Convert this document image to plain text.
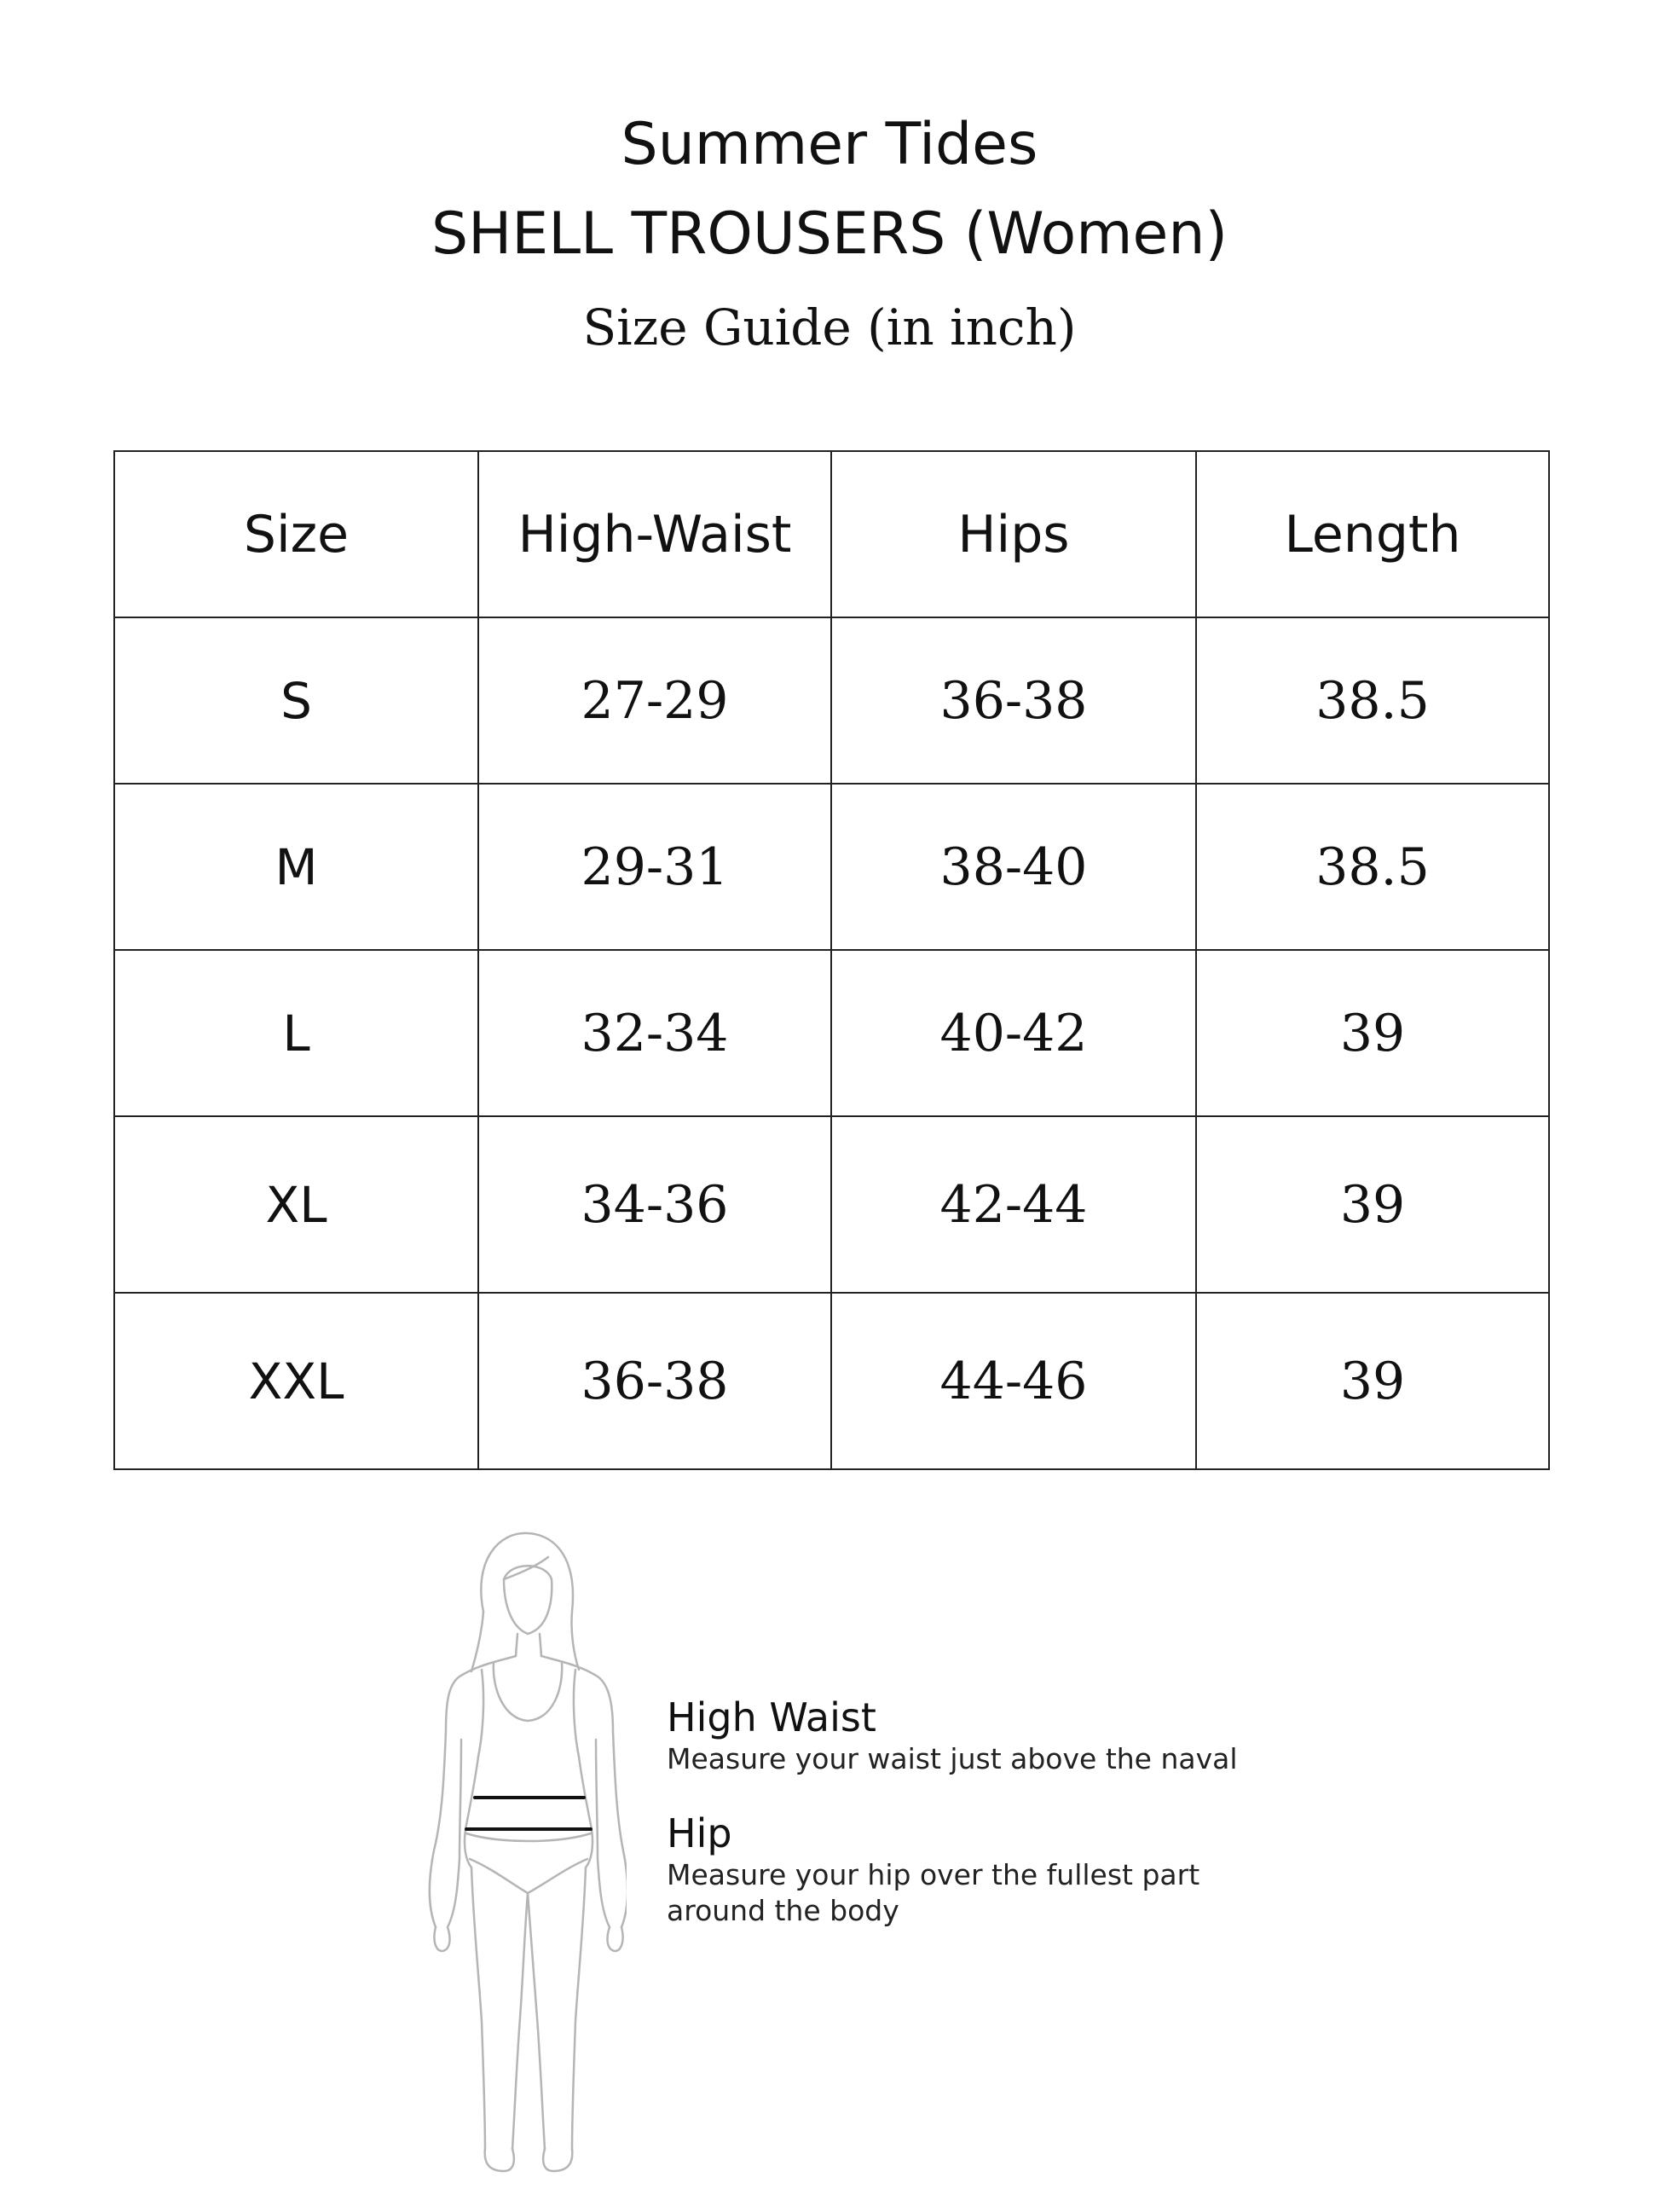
Summer Tides
SHELL TROUSERS (Women)
Size Guide (in inch)
Size	High-Waist	Hips	Length
S	27-29	36-38	38.5
M	29-31	38-40	38.5
L	32-34	40-42	39
XL	34-36	42-44	39
XXL	36-38	44-46	39
High Waist
Measure your waist just above the naval
Hip
Measure your hip over the fullest part
around the body
